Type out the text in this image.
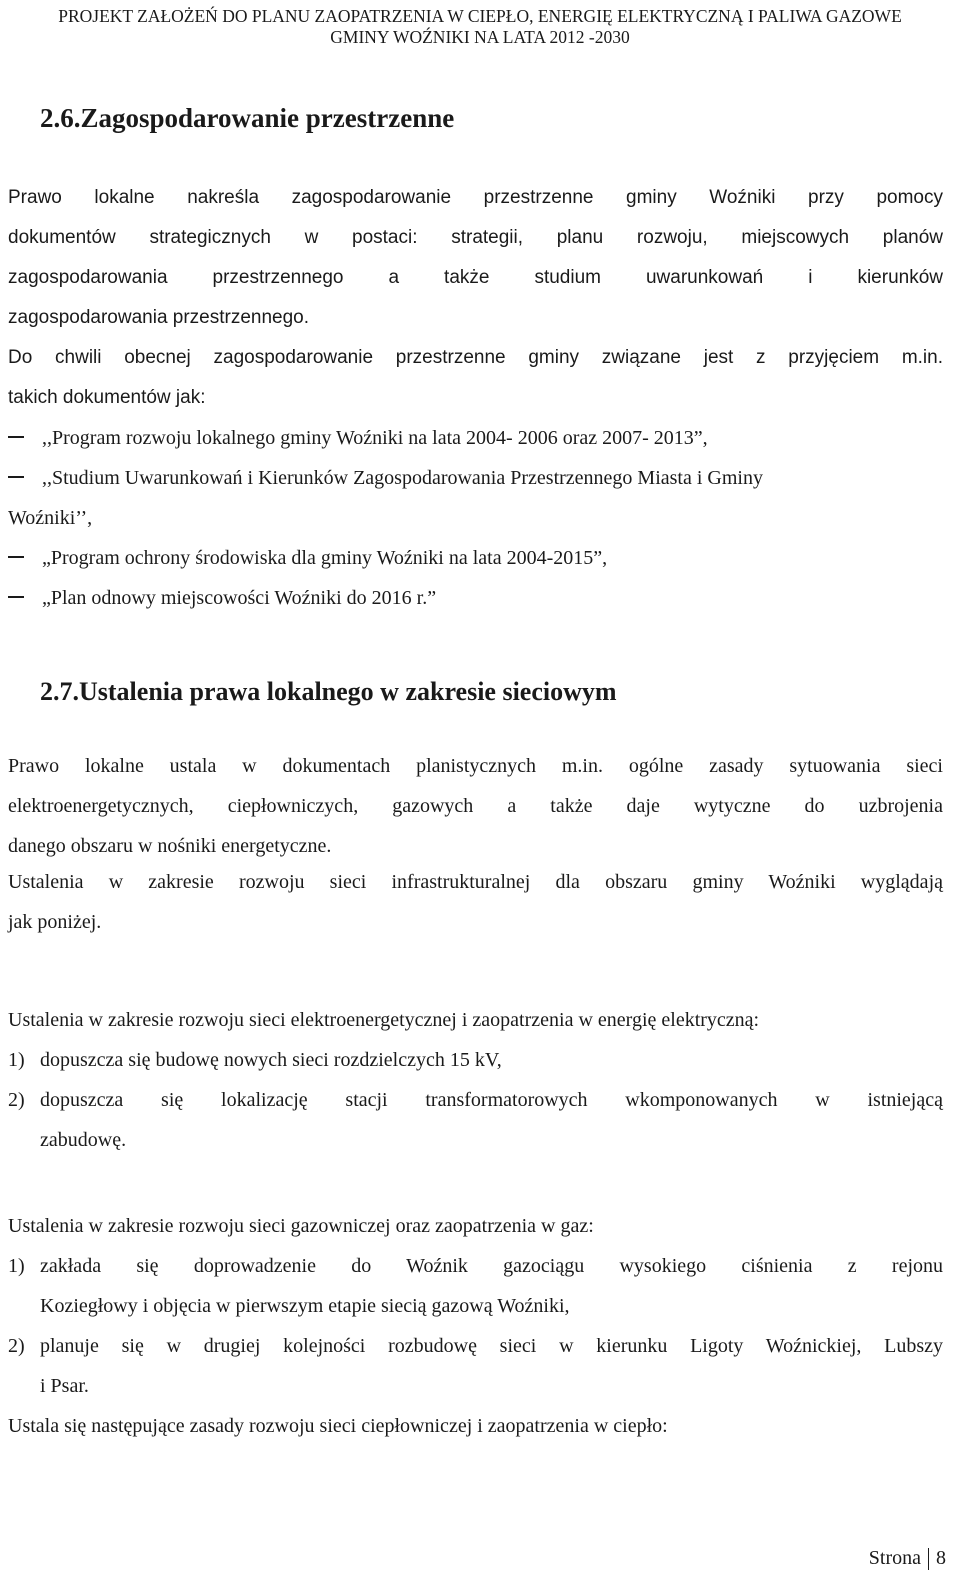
PROJEKT ZAŁOŻEŃ DO PLANU ZAOPATRZENIA W CIEPŁO, ENERGIĘ ELEKTRYCZNĄ I PALIWA GAZOWE
GMINY WOŹNIKI NA LATA 2012 -2030
2.6.Zagospodarowanie przestrzenne
Prawo lokalne nakreśla zagospodarowanie przestrzenne gminy Woźniki przy pomocy
dokumentów strategicznych w postaci: strategii, planu rozwoju, miejscowych planów
zagospodarowania przestrzennego a także studium uwarunkowań i kierunków
zagospodarowania przestrzennego.
Do chwili obecnej zagospodarowanie przestrzenne gminy związane jest z przyjęciem m.in.
takich dokumentów jak:
,,Program rozwoju lokalnego gminy Woźniki na lata 2004- 2006 oraz 2007- 2013”,
,,Studium Uwarunkowań i Kierunków Zagospodarowania Przestrzennego Miasta i Gminy
Woźniki’’,
„Program ochrony środowiska dla gminy Woźniki na lata 2004-2015”,
„Plan odnowy miejscowości Woźniki do 2016 r.”
2.7.Ustalenia prawa lokalnego w zakresie sieciowym
Prawo lokalne ustala w dokumentach planistycznych m.in. ogólne zasady sytuowania sieci
elektroenergetycznych, ciepłowniczych, gazowych a także daje wytyczne do uzbrojenia
danego obszaru w nośniki energetyczne.
Ustalenia w zakresie rozwoju sieci infrastrukturalnej dla obszaru gminy Woźniki wyglądają
jak poniżej.
Ustalenia w zakresie rozwoju sieci elektroenergetycznej i zaopatrzenia w energię elektryczną:
1) dopuszcza się budowę nowych sieci rozdzielczych 15 kV,
2) dopuszcza się lokalizację stacji transformatorowych wkomponowanych w istniejącą
zabudowę.
Ustalenia w zakresie rozwoju sieci gazowniczej oraz zaopatrzenia w gaz:
1) zakłada się doprowadzenie do Woźnik gazociągu wysokiego ciśnienia z rejonu
Koziegłowy i objęcia w pierwszym etapie siecią gazową Woźniki,
2) planuje się w drugiej kolejności rozbudowę sieci w kierunku Ligoty Woźnickiej, Lubszy
i Psar.
Ustala się następujące zasady rozwoju sieci ciepłowniczej i zaopatrzenia w ciepło:
Strona 8
